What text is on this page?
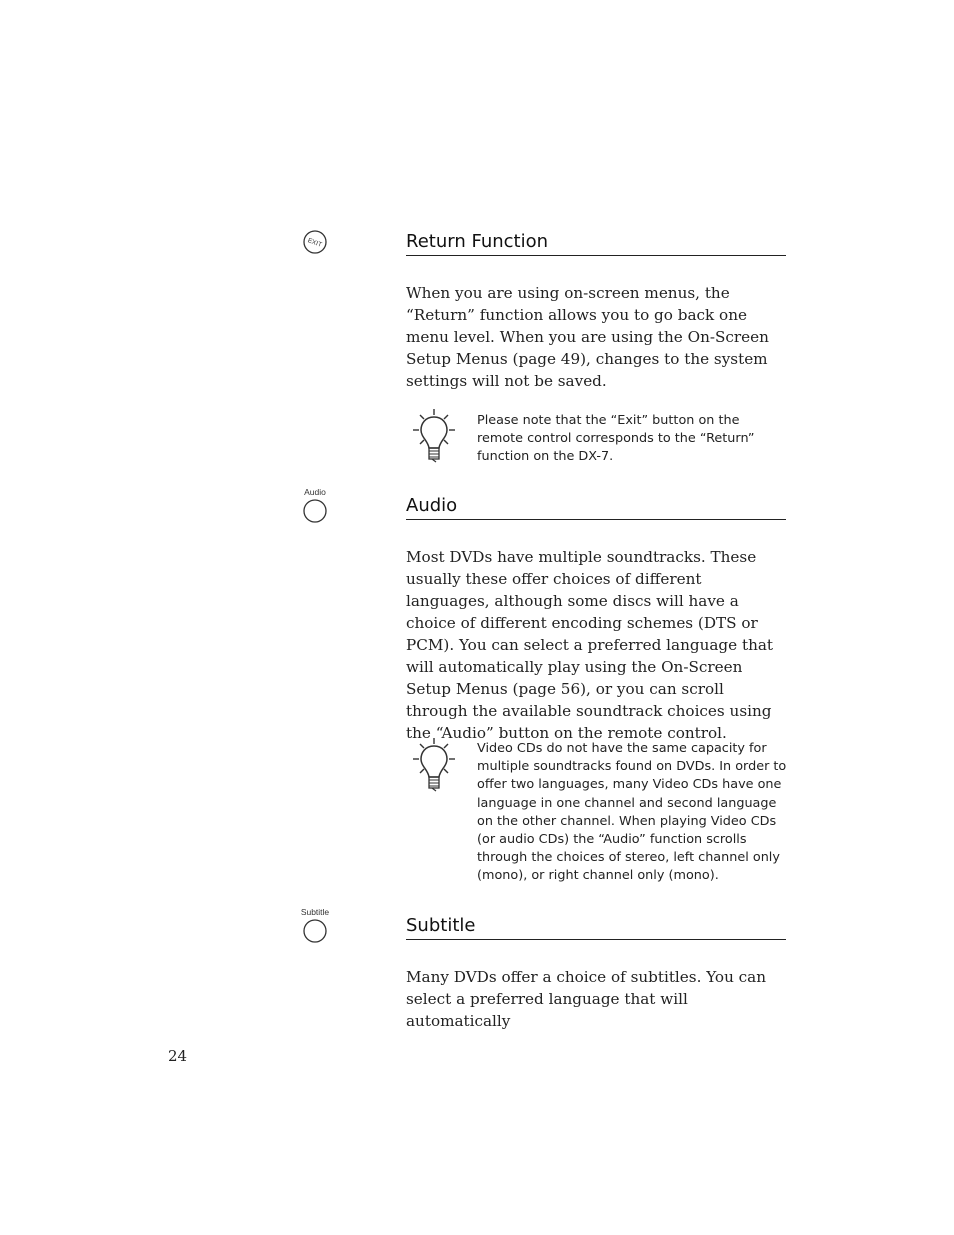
EXIT	Return Function

When you are using on-screen menus, the “Return” function allows you to go back one menu level. When you are using the On-Screen Setup Menus (page 49), changes to the system settings will not be saved.

Please note that the “Exit” button on the remote control corresponds to the “Return” function on the DX-7.

Audio
Audio

Most DVDs have multiple soundtracks. These usually these offer choices of different languages, although some discs will have a choice of different encoding schemes (DTS or PCM). You can select a preferred language that will automatically play using the On-Screen Setup Menus (page 56), or you can scroll through the available soundtrack choices using the “Audio” button on the remote control.

Video CDs do not have the same capacity for multiple soundtracks found on DVDs. In order to offer two languages, many Video CDs have one language in one channel and second language on the other channel. When playing Video CDs (or audio CDs) the “Audio” function scrolls through the choices of stereo, left channel only (mono), or right channel only (mono).

Subtitle
Subtitle

Many DVDs offer a choice of subtitles. You can select a preferred language that will automatically

24
